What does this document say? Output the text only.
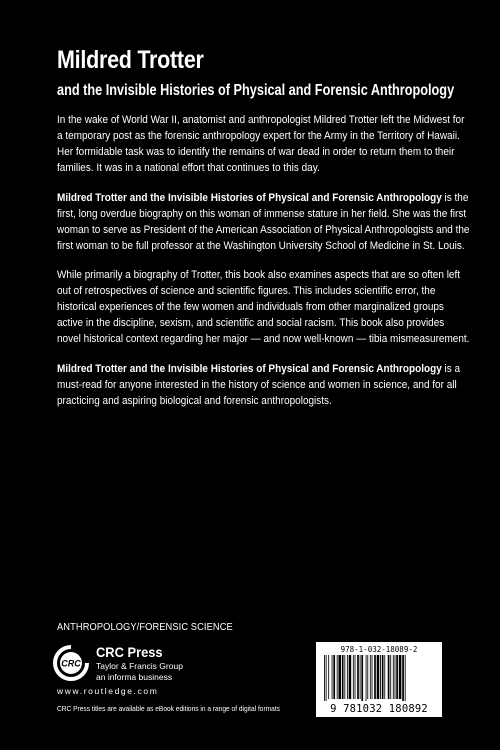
Mildred Trotter
and the Invisible Histories of Physical and Forensic Anthropology

In the wake of World War II, anatomist and anthropologist Mildred Trotter left the Midwest for a temporary post as the forensic anthropology expert for the Army in the Territory of Hawaii. Her formidable task was to identify the remains of war dead in order to return them to their families. It was in a national effort that continues to this day.

Mildred Trotter and the Invisible Histories of Physical and Forensic Anthropology is the first, long overdue biography on this woman of immense stature in her field. She was the first woman to serve as President of the American Association of Physical Anthropologists and the first woman to be full professor at the Washington University School of Medicine in St. Louis.

While primarily a biography of Trotter, this book also examines aspects that are so often left out of retrospectives of science and scientific figures. This includes scientific error, the historical experiences of the few women and individuals from other marginalized groups active in the discipline, sexism, and scientific and social racism. This book also provides novel historical context regarding her major — and now well-known — tibia mismeasurement.

Mildred Trotter and the Invisible Histories of Physical and Forensic Anthropology is a must-read for anyone interested in the history of science and women in science, and for all practicing and aspiring biological and forensic anthropologists.

ANTHROPOLOGY/FORENSIC SCIENCE
CRC
CRC Press
Taylor & Francis Group
an informa business
www.routledge.com
CRC Press titles are available as eBook editions in a range of digital formats
978-1-032-18089-2
9 781032 180892
